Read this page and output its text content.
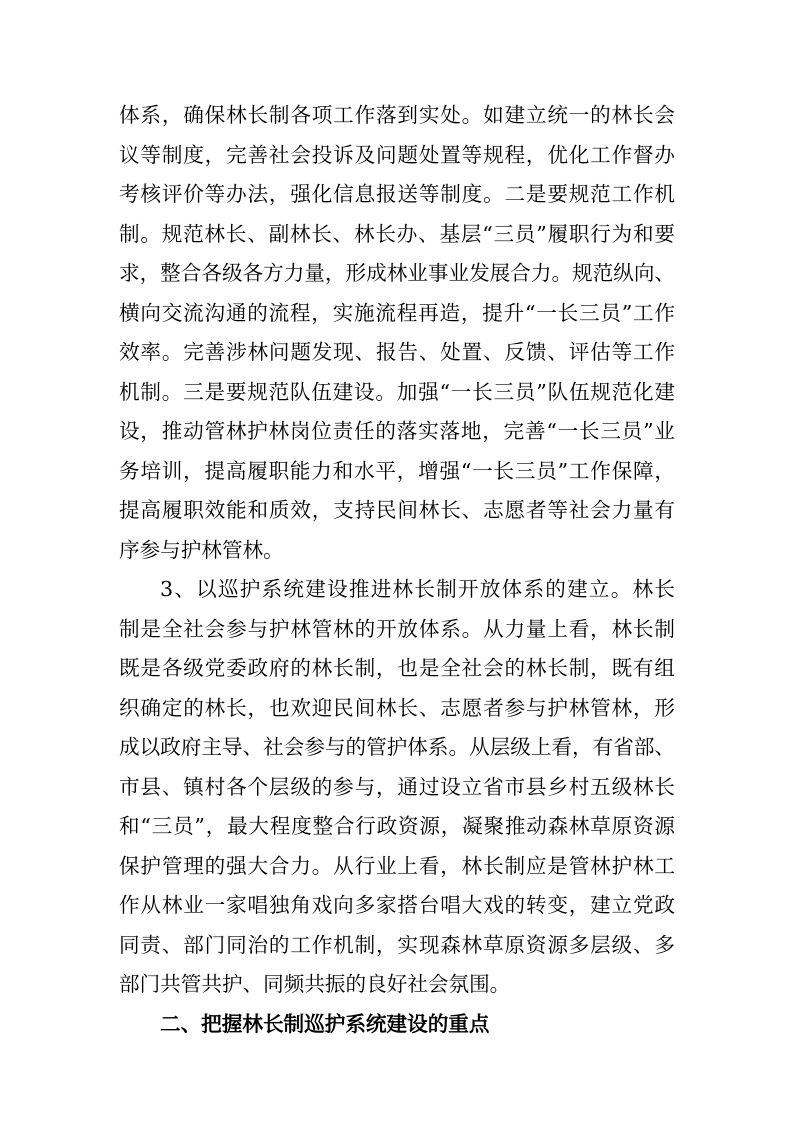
体系，确保林长制各项工作落到实处。如建立统一的林长会
议等制度，完善社会投诉及问题处置等规程，优化工作督办
考核评价等办法，强化信息报送等制度。二是要规范工作机
制。规范林长、副林长、林长办、基层“三员”履职行为和要
求，整合各级各方力量，形成林业事业发展合力。规范纵向、
横向交流沟通的流程，实施流程再造，提升“一长三员”工作
效率。完善涉林问题发现、报告、处置、反馈、评估等工作
机制。三是要规范队伍建设。加强“一长三员”队伍规范化建
设，推动管林护林岗位责任的落实落地，完善“一长三员”业
务培训，提高履职能力和水平，增强“一长三员”工作保障，
提高履职效能和质效，支持民间林长、志愿者等社会力量有
序参与护林管林。
3、以巡护系统建设推进林长制开放体系的建立。林长
制是全社会参与护林管林的开放体系。从力量上看，林长制
既是各级党委政府的林长制，也是全社会的林长制，既有组
织确定的林长，也欢迎民间林长、志愿者参与护林管林，形
成以政府主导、社会参与的管护体系。从层级上看，有省部、
市县、镇村各个层级的参与，通过设立省市县乡村五级林长
和“三员”，最大程度整合行政资源，凝聚推动森林草原资源
保护管理的强大合力。从行业上看，林长制应是管林护林工
作从林业一家唱独角戏向多家搭台唱大戏的转变，建立党政
同责、部门同治的工作机制，实现森林草原资源多层级、多
部门共管共护、同频共振的良好社会氛围。
二、把握林长制巡护系统建设的重点
